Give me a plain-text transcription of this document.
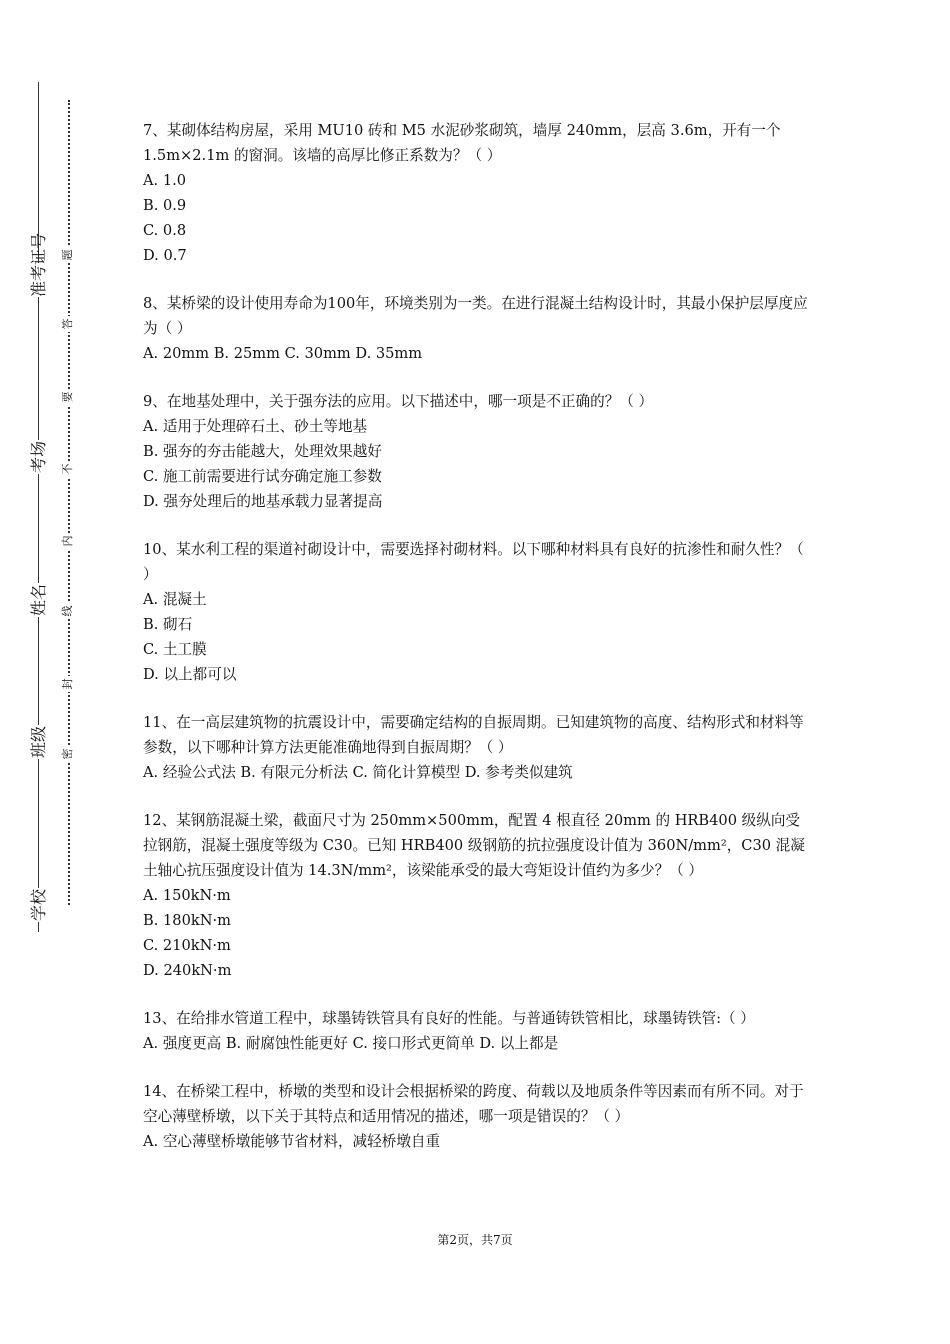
准考证号
考场
姓名
班级
学校
题
答
要
不
内
线
封
密

7、某砌体结构房屋，采用 MU10 砖和 M5 水泥砂浆砌筑，墙厚 240mm，层高 3.6m，开有一个 1.5m×2.1m 的窗洞。该墙的高厚比修正系数为？（ ）

A. 1.0

B. 0.9

C. 0.8

D. 0.7

8、某桥梁的设计使用寿命为100年，环境类别为一类。在进行混凝土结构设计时，其最小保护层厚度应为（ ）

A. 20mm B. 25mm C. 30mm D. 35mm

9、在地基处理中，关于强夯法的应用。以下描述中，哪一项是不正确的？（ ）

A. 适用于处理碎石土、砂土等地基

B. 强夯的夯击能越大，处理效果越好

C. 施工前需要进行试夯确定施工参数

D. 强夯处理后的地基承载力显著提高

10、某水利工程的渠道衬砌设计中，需要选择衬砌材料。以下哪种材料具有良好的抗渗性和耐久性？（ ）

A. 混凝土

B. 砌石

C. 土工膜

D. 以上都可以

11、在一高层建筑物的抗震设计中，需要确定结构的自振周期。已知建筑物的高度、结构形式和材料等参数，以下哪种计算方法更能准确地得到自振周期？（ ）

A. 经验公式法 B. 有限元分析法 C. 简化计算模型 D. 参考类似建筑

12、某钢筋混凝土梁，截面尺寸为 250mm×500mm，配置 4 根直径 20mm 的 HRB400 级纵向受拉钢筋，混凝土强度等级为 C30。已知 HRB400 级钢筋的抗拉强度设计值为 360N/mm²，C30 混凝土轴心抗压强度设计值为 14.3N/mm²，该梁能承受的最大弯矩设计值约为多少？（ ）

A. 150kN·m

B. 180kN·m

C. 210kN·m

D. 240kN·m

13、在给排水管道工程中，球墨铸铁管具有良好的性能。与普通铸铁管相比，球墨铸铁管:（ ）

A. 强度更高 B. 耐腐蚀性能更好 C. 接口形式更简单 D. 以上都是

14、在桥梁工程中，桥墩的类型和设计会根据桥梁的跨度、荷载以及地质条件等因素而有所不同。对于空心薄壁桥墩，以下关于其特点和适用情况的描述，哪一项是错误的？（ ）

A. 空心薄壁桥墩能够节省材料，减轻桥墩自重

第2页，共7页
